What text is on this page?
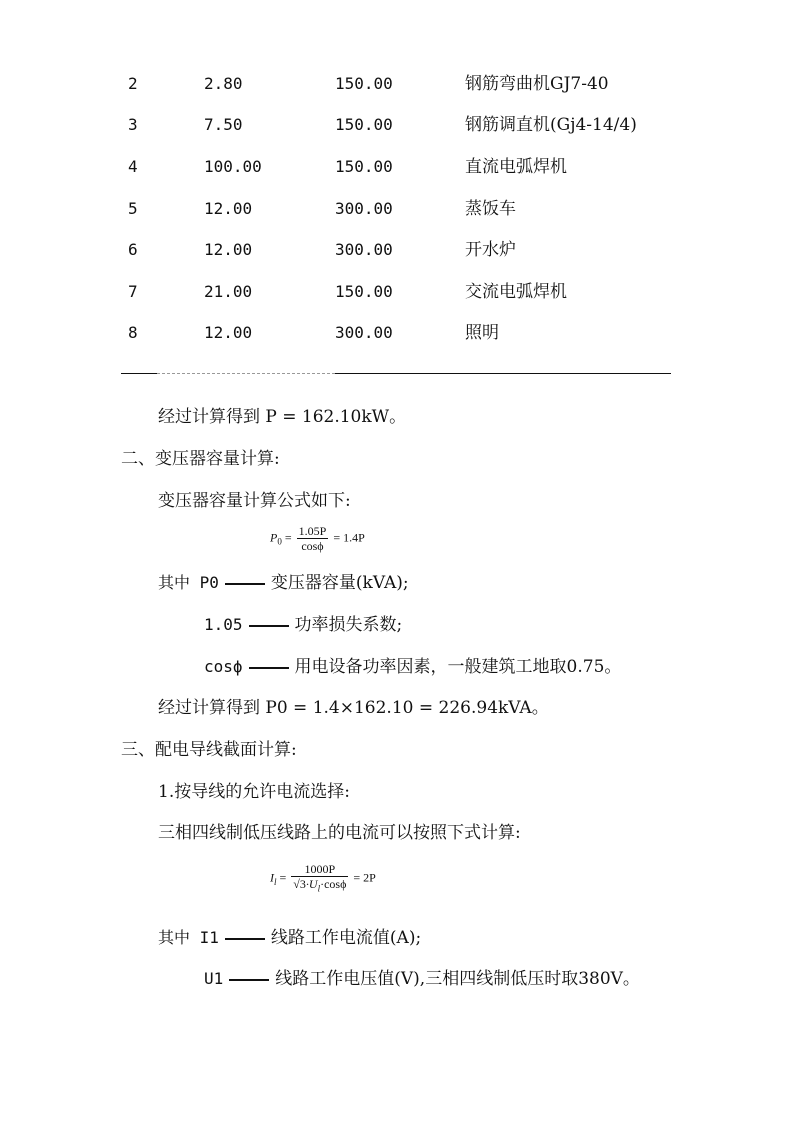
2	2.80	150.00	钢筋弯曲机GJ7-40
3	7.50	150.00	钢筋调直机(Gj4-14/4)
4	100.00	150.00	直流电弧焊机
5	12.00	300.00	蒸饭车
6	12.00	300.00	开水炉
7	21.00	150.00	交流电弧焊机
8	12.00	300.00	照明
经过计算得到 P = 162.10kW。
二、变压器容量计算:
变压器容量计算公式如下:
$P_0 = \frac{1.05P}{\cos\phi} = 1.4P$
其中 P0	变压器容量(kVA);
1.05	功率损失系数;
cosϕ	用电设备功率因素，一般建筑工地取0.75。
经过计算得到 P0 = 1.4×162.10 = 226.94kVA。
三、配电导线截面计算:
1.按导线的允许电流选择:
三相四线制低压线路上的电流可以按照下式计算:
$I_l = \frac{1000P}{√3\cdot U_l\cdot\cos\phi} = 2P$
其中 I1	线路工作电流值(A);
U1	线路工作电压值(V),三相四线制低压时取380V。
